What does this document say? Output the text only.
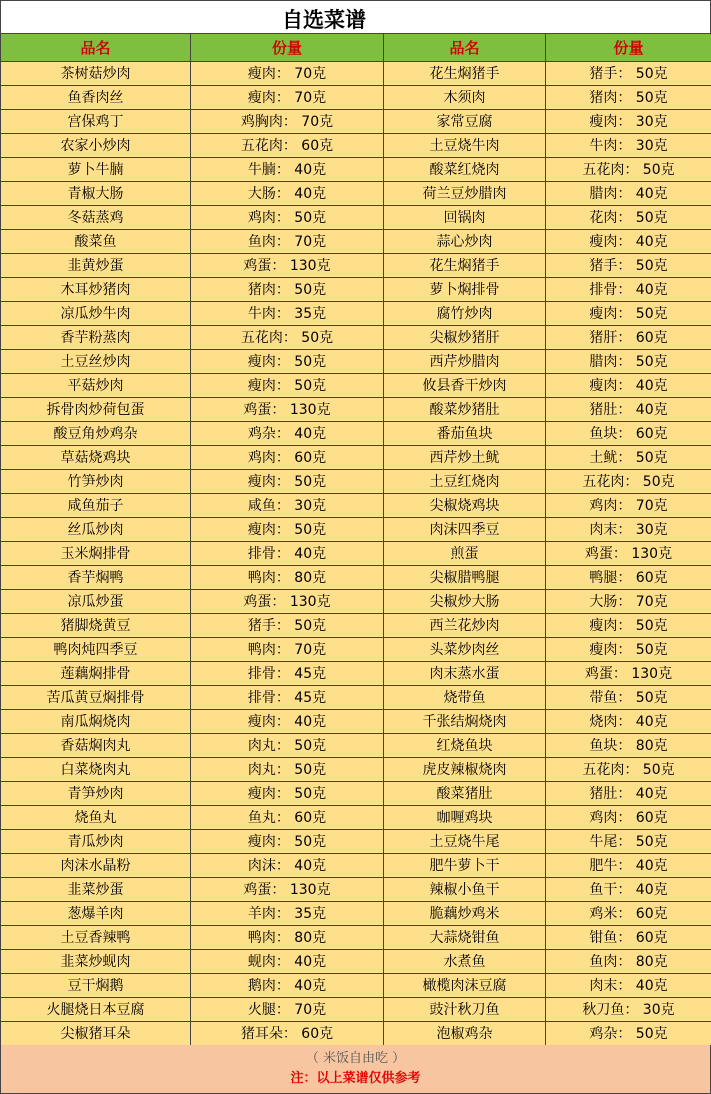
自选菜谱
品名	份量	品名	份量
茶树菇炒肉	瘦肉： 70克	花生焖猪手	猪手： 50克
鱼香肉丝	瘦肉： 70克	木须肉	猪肉： 50克
宫保鸡丁	鸡胸肉： 70克	家常豆腐	瘦肉： 30克
农家小炒肉	五花肉： 60克	土豆烧牛肉	牛肉： 30克
萝卜牛腩	牛腩： 40克	酸菜红烧肉	五花肉： 50克
青椒大肠	大肠： 40克	荷兰豆炒腊肉	腊肉： 40克
冬菇蒸鸡	鸡肉： 50克	回锅肉	花肉： 50克
酸菜鱼	鱼肉： 70克	蒜心炒肉	瘦肉： 40克
韭黄炒蛋	鸡蛋： 130克	花生焖猪手	猪手： 50克
木耳炒猪肉	猪肉： 50克	萝卜焖排骨	排骨： 40克
凉瓜炒牛肉	牛肉： 35克	腐竹炒肉	瘦肉： 50克
香芋粉蒸肉	五花肉： 50克	尖椒炒猪肝	猪肝： 60克
土豆丝炒肉	瘦肉： 50克	西芹炒腊肉	腊肉： 50克
平菇炒肉	瘦肉： 50克	攸县香干炒肉	瘦肉： 40克
拆骨肉炒荷包蛋	鸡蛋： 130克	酸菜炒猪肚	猪肚： 40克
酸豆角炒鸡杂	鸡杂： 40克	番茄鱼块	鱼块： 60克
草菇烧鸡块	鸡肉： 60克	西芹炒土鱿	土鱿： 50克
竹笋炒肉	瘦肉： 50克	土豆红烧肉	五花肉： 50克
咸鱼茄子	咸鱼： 30克	尖椒烧鸡块	鸡肉： 70克
丝瓜炒肉	瘦肉： 50克	肉沫四季豆	肉末： 30克
玉米焖排骨	排骨： 40克	煎蛋	鸡蛋： 130克
香芋焖鸭	鸭肉： 80克	尖椒腊鸭腿	鸭腿： 60克
凉瓜炒蛋	鸡蛋： 130克	尖椒炒大肠	大肠： 70克
猪脚烧黄豆	猪手： 50克	西兰花炒肉	瘦肉： 50克
鸭肉炖四季豆	鸭肉： 70克	头菜炒肉丝	瘦肉： 50克
莲藕焖排骨	排骨： 45克	肉末蒸水蛋	鸡蛋： 130克
苦瓜黄豆焖排骨	排骨： 45克	烧带鱼	带鱼： 50克
南瓜焖烧肉	瘦肉： 40克	千张结焖烧肉	烧肉： 40克
香菇焖肉丸	肉丸： 50克	红烧鱼块	鱼块： 80克
白菜烧肉丸	肉丸： 50克	虎皮辣椒烧肉	五花肉： 50克
青笋炒肉	瘦肉： 50克	酸菜猪肚	猪肚： 40克
烧鱼丸	鱼丸： 60克	咖喱鸡块	鸡肉： 60克
青瓜炒肉	瘦肉： 50克	土豆烧牛尾	牛尾： 50克
肉沫水晶粉	肉沫： 40克	肥牛萝卜干	肥牛： 40克
韭菜炒蛋	鸡蛋： 130克	辣椒小鱼干	鱼干： 40克
葱爆羊肉	羊肉： 35克	脆藕炒鸡米	鸡米： 60克
土豆香辣鸭	鸭肉： 80克	大蒜烧钳鱼	钳鱼： 60克
韭菜炒蚬肉	蚬肉： 40克	水煮鱼	鱼肉： 80克
豆干焖鹅	鹅肉： 40克	橄榄肉沫豆腐	肉末： 40克
火腿烧日本豆腐	火腿： 70克	豉汁秋刀鱼	秋刀鱼： 30克
尖椒猪耳朵	猪耳朵： 60克	泡椒鸡杂	鸡杂： 50克
（ 米饭自由吃 ）
注：以上菜谱仅供参考
